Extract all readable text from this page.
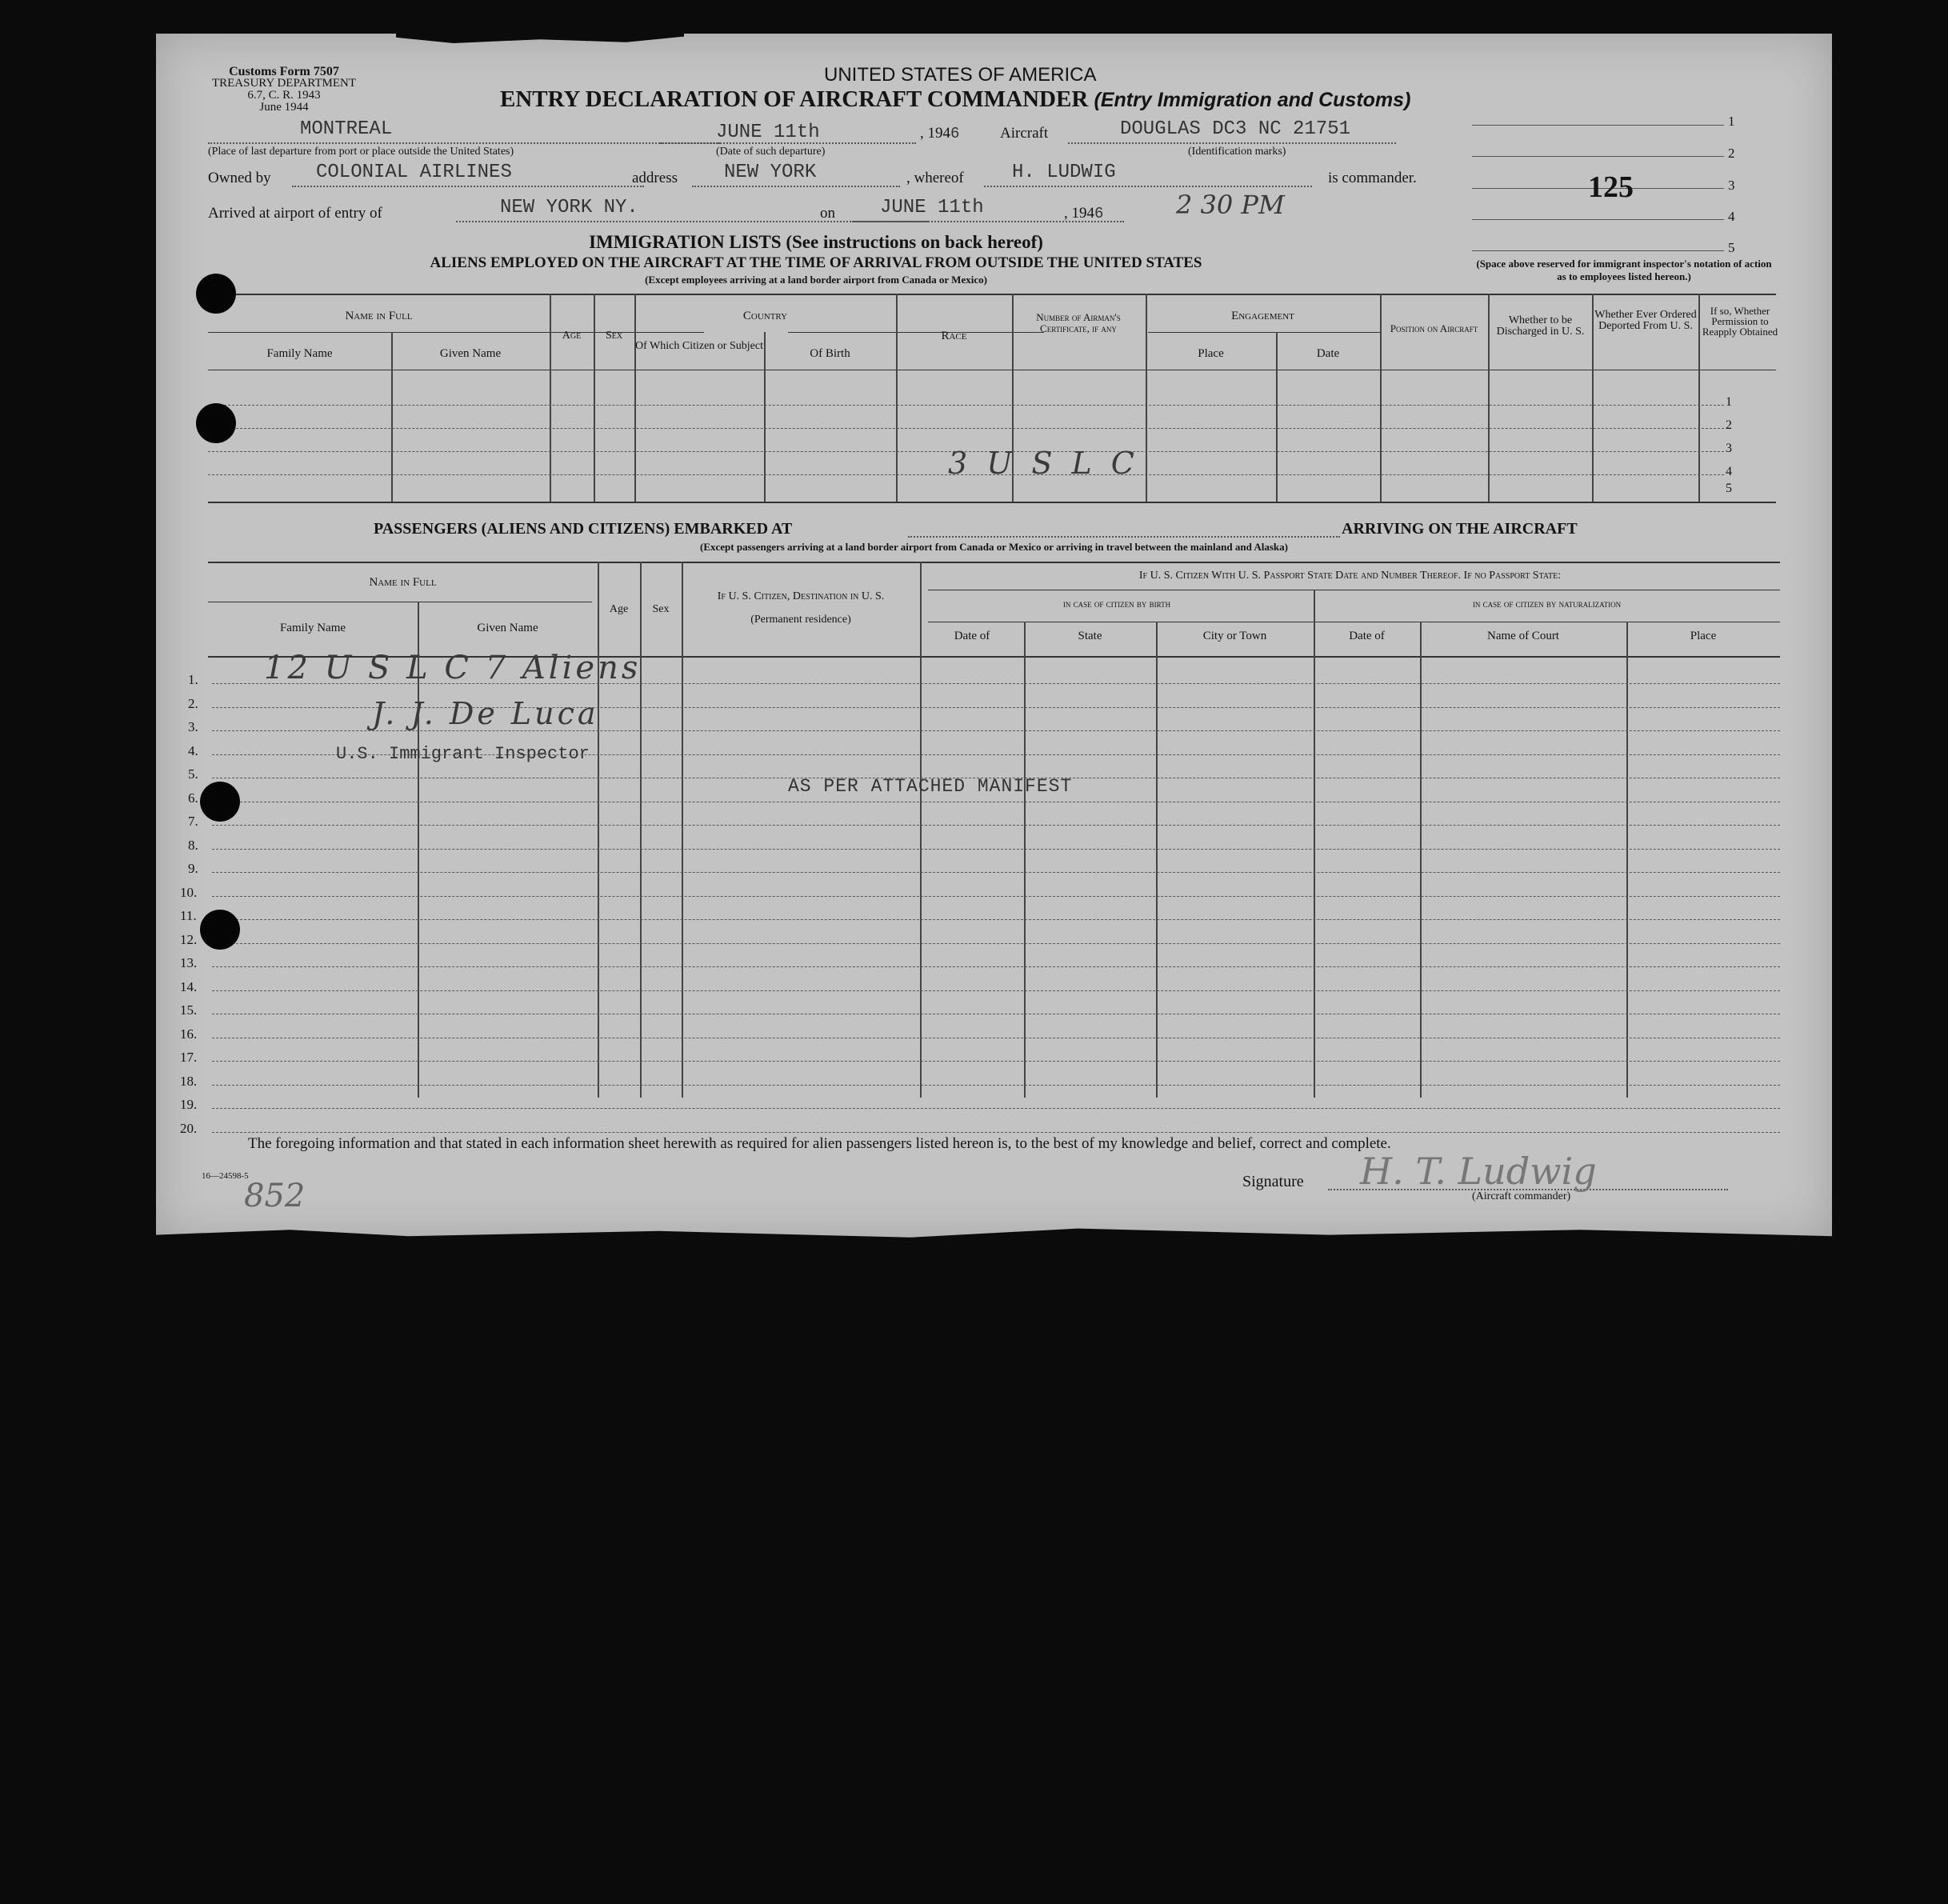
Customs Form 7507
TREASURY DEPARTMENT
6.7, C. R. 1943
June 1944
UNITED STATES OF AMERICA
ENTRY DECLARATION OF AIRCRAFT COMMANDER (Entry Immigration and Customs)
1
2
3
4
5
125
(Space above reserved for immigrant inspector's notation of action as to employees listed hereon.)
MONTREAL
(Place of last departure from port or place outside the United States)
JUNE 11th
(Date of such departure)
, 1946	Aircraft	DOUGLAS DC3 NC 21751
(Identification marks)
Owned by COLONIAL AIRLINES	address NEW YORK	, whereof	H. LUDWIG	is commander.
Arrived at airport of entry of	NEW YORK NY.	on JUNE 11th	, 1946	2 30 PM
IMMIGRATION LISTS (See instructions on back hereof)
ALIENS EMPLOYED ON THE AIRCRAFT AT THE TIME OF ARRIVAL FROM OUTSIDE THE UNITED STATES
(Except employees arriving at a land border airport from Canada or Mexico)
Name in Full
Family Name	Given Name
Age	Sex
Country
Of Which Citizen or Subject
Of Birth
Race
Number of Airman's Certificate, if any
Engagement
Place	Date
Position on Aircraft
Whether to be Discharged in U. S.
Whether Ever Ordered Deported From U. S.
If so, Whether Permission to Reapply Obtained
1
2
3
4
5
3 U S L C
PASSENGERS (ALIENS AND CITIZENS) EMBARKED AT	ARRIVING ON THE AIRCRAFT
(Except passengers arriving at a land border airport from Canada or Mexico or arriving in travel between the mainland and Alaska)
Name in Full
Family Name	Given Name
Age	Sex
If U. S. Citizen, Destination in U. S.
(Permanent residence)
If U. S. Citizen With U. S. Passport State Date and Number Thereof. If no Passport State:
in case of citizen by birth	in case of citizen by naturalization
Date of	State	City or Town	Date of	Name of Court	Place
1.
2.
3.
4.
5.
6.
7.
8.
9.
10.
11.
12.
13.
14.
15.
16.
17.
18.
19.
20.
12 U S L C 7 Aliens
J. J. De Luca
U.S. Immigrant Inspector
AS PER ATTACHED MANIFEST
The foregoing information and that stated in each information sheet herewith as required for alien passengers listed hereon is, to the best of my knowledge and belief, correct and complete.
16—24598-5
852	Signature H. T. Ludwig
(Aircraft commander)
